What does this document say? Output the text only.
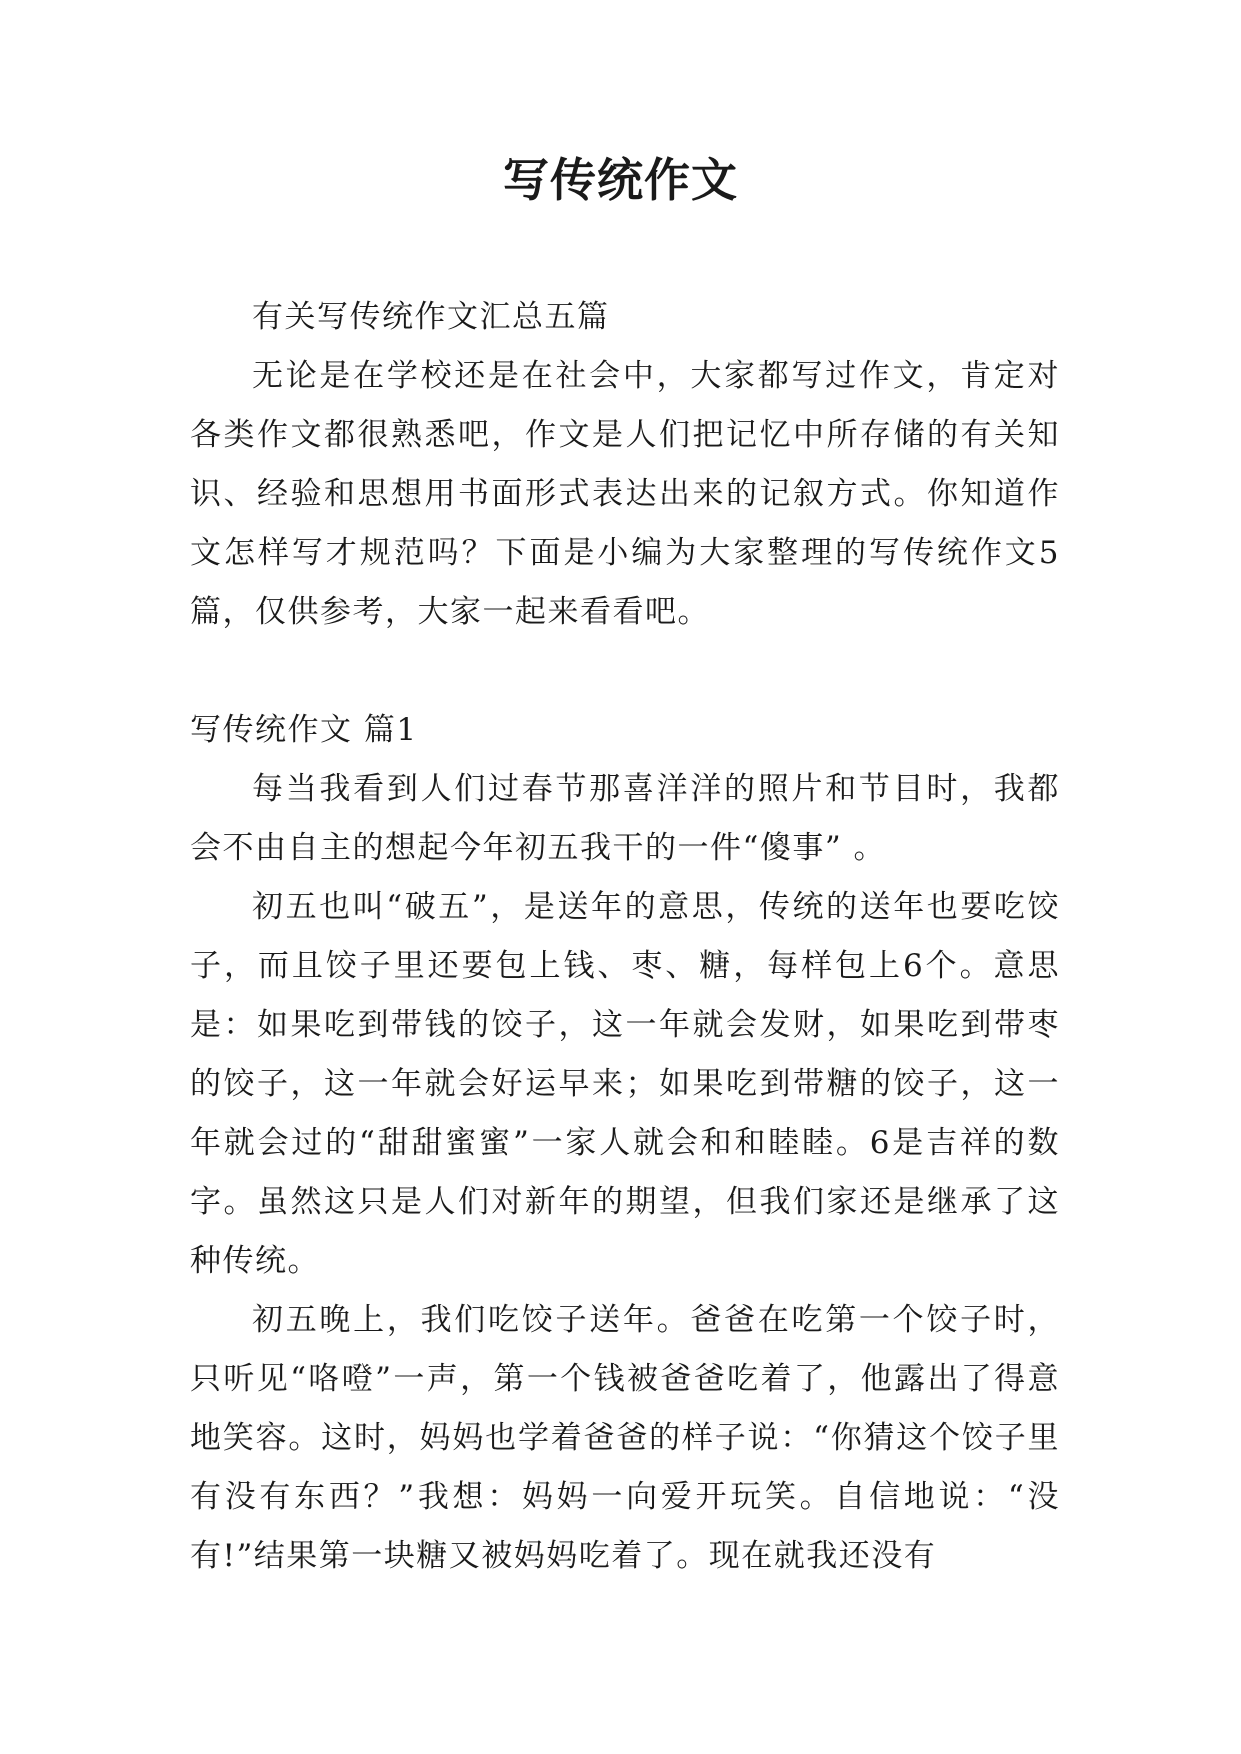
写传统作文

有关写传统作文汇总五篇

无论是在学校还是在社会中，大家都写过作文，肯定对各类作文都很熟悉吧，作文是人们把记忆中所存储的有关知识、经验和思想用书面形式表达出来的记叙方式。你知道作文怎样写才规范吗？下面是小编为大家整理的写传统作文5篇，仅供参考，大家一起来看看吧。

写传统作文 篇1

每当我看到人们过春节那喜洋洋的照片和节目时，我都会不由自主的想起今年初五我干的一件“傻事” 。

初五也叫“破五”，是送年的意思，传统的送年也要吃饺子，而且饺子里还要包上钱、枣、糖，每样包上6个。意思是：如果吃到带钱的饺子，这一年就会发财，如果吃到带枣的饺子，这一年就会好运早来；如果吃到带糖的饺子，这一年就会过的“甜甜蜜蜜”一家人就会和和睦睦。6是吉祥的数字。虽然这只是人们对新年的期望，但我们家还是继承了这种传统。

初五晚上，我们吃饺子送年。爸爸在吃第一个饺子时，只听见“咯噔”一声，第一个钱被爸爸吃着了，他露出了得意地笑容。这时，妈妈也学着爸爸的样子说：“你猜这个饺子里有没有东西？”我想：妈妈一向爱开玩笑。自信地说：“没有!”结果第一块糖又被妈妈吃着了。现在就我还没有
